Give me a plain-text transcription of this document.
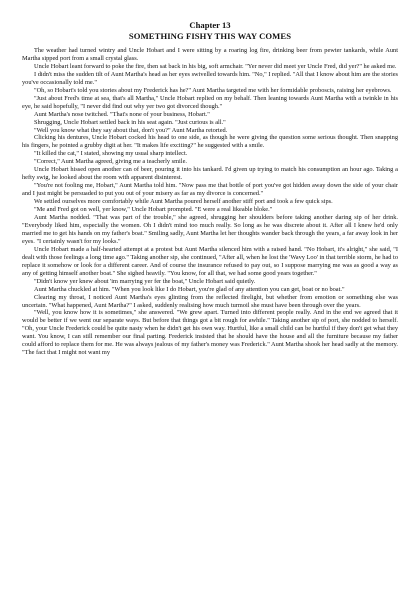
Chapter 13
SOMETHING FISHY THIS WAY COMES

The weather had turned wintry and Uncle Hobart and I were sitting by a roaring log fire, drinking beer from pewter tankards, while Aunt Martha sipped port from a small crystal glass.

Uncle Hobart leant forward to poke the fire, then sat back in his big, soft armchair. "Yer never did meet yer Uncle Fred, did yer?" he asked me.

I didn't miss the sudden tilt of Aunt Martha's head as her eyes swivelled towards him. "No," I replied. "All that I know about him are the stories you've occasionally told me."

"Oh, so Hobart's told you stories about my Frederick has he?" Aunt Martha targeted me with her formidable proboscis, raising her eyebrows.

"Just about Fred's time at sea, that's all Martha," Uncle Hobart replied on my behalf. Then leaning towards Aunt Martha with a twinkle in his eye, he said hopefully, "I never did find out why yer two got divorced though."

Aunt Martha's nose twitched. "That's none of your business, Hobart."

Shrugging, Uncle Hobart settled back in his seat again. "Just curious is all."

"Well you know what they say about that, don't you?" Aunt Martha retorted.

Clicking his dentures, Uncle Hobart cocked his head to one side, as though he were giving the question some serious thought. Then snapping his fingers, he pointed a grubby digit at her. "It makes life exciting?" he suggested with a smile.

"It killed the cat," I stated, showing my usual sharp intellect.

"Correct," Aunt Martha agreed, giving me a teacherly smile.

Uncle Hobart hissed open another can of beer, pouring it into his tankard. I'd given up trying to match his consumption an hour ago. Taking a hefty swig, he looked about the room with apparent disinterest.

"You're not fooling me, Hobart," Aunt Martha told him. "Now pass me that bottle of port you've got hidden away down the side of your chair and I just might be persuaded to put you out of your misery as far as my divorce is concerned."

We settled ourselves more comfortably while Aunt Martha poured herself another stiff port and took a few quick sips.

"Me and Fred got on well, yer know," Uncle Hobart prompted. "E were a real likeable bloke."

Aunt Martha nodded. "That was part of the trouble," she agreed, shrugging her shoulders before taking another daring sip of her drink. "Everybody liked him, especially the women. Oh I didn't mind too much really. So long as he was discrete about it. After all I knew he'd only married me to get his hands on my father's boat." Smiling sadly, Aunt Martha let her thoughts wander back through the years, a far away look in her eyes. "I certainly wasn't for my looks."

Uncle Hobart made a half-hearted attempt at a protest but Aunt Martha silenced him with a raised hand. "No Hobart, it's alright," she said, "I dealt with those feelings a long time ago." Taking another sip, she continued, "After all, when he lost the 'Wavy Loo' in that terrible storm, he had to replace it somehow or look for a different career. And of course the insurance refused to pay out, so I suppose marrying me was as good a way as any of getting himself another boat." She sighed heavily. "You know, for all that, we had some good years together."

"Didn't know yer knew about 'im marrying yer fer the boat," Uncle Hobart said quietly.

Aunt Martha chuckled at him. "When you look like I do Hobart, you're glad of any attention you can get, boat or no boat."

Clearing my throat, I noticed Aunt Martha's eyes glinting from the reflected firelight, but whether from emotion or something else was uncertain. "What happened, Aunt Martha?" I asked, suddenly realising how much turmoil she must have been through over the years.

"Well, you know how it is sometimes," she answered. "We grew apart. Turned into different people really. And in the end we agreed that it would be better if we went our separate ways. But before that things got a bit rough for awhile." Taking another sip of port, she nodded to herself. "Oh, your Uncle Frederick could be quite nasty when he didn't get his own way. Hurtful, like a small child can be hurtful if they don't get what they want. You know, I can still remember our final parting. Frederick insisted that he should have the house and all the furniture because my father could afford to replace them for me. He was always jealous of my father's money was Frederick." Aunt Martha shook her head sadly at the memory. "The fact that I might not want my
